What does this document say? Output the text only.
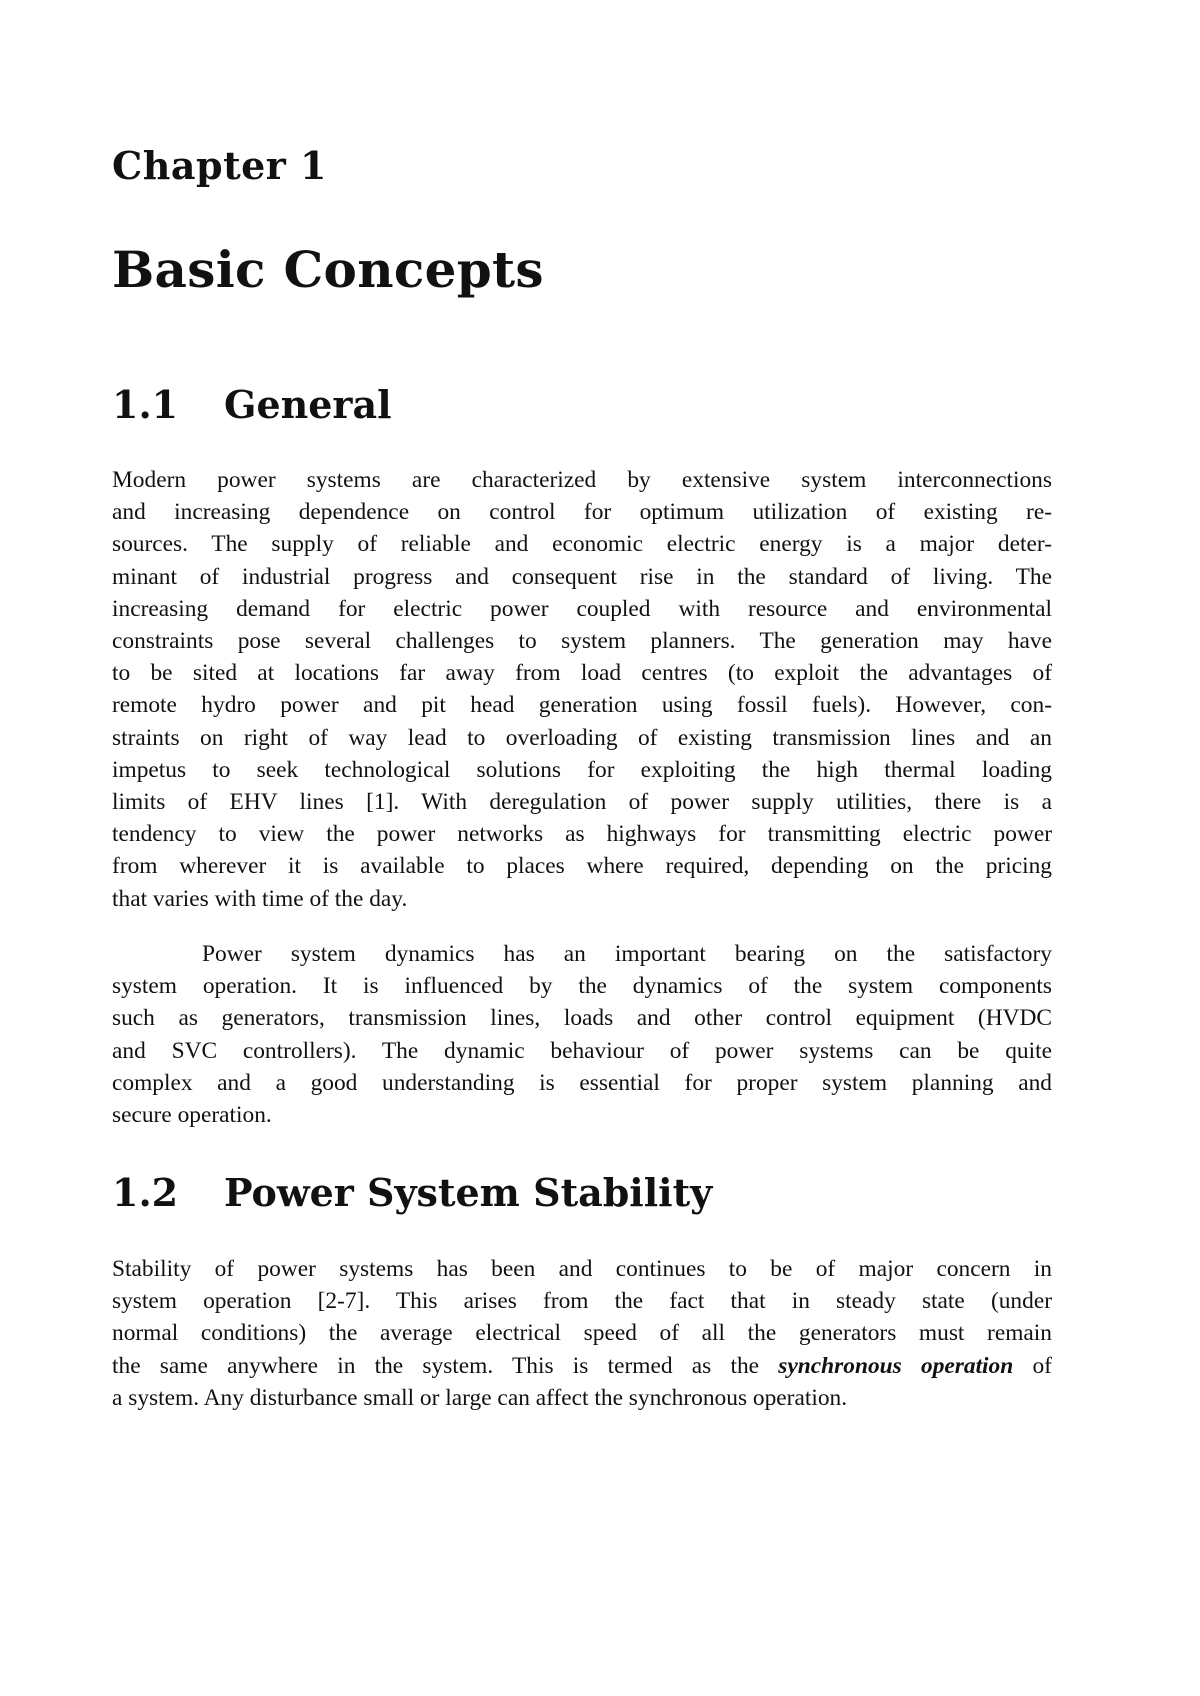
Chapter 1
Basic Concepts
1.1 General
Modern power systems are characterized by extensive system interconnections
and increasing dependence on control for optimum utilization of existing re-
sources. The supply of reliable and economic electric energy is a major deter-
minant of industrial progress and consequent rise in the standard of living. The
increasing demand for electric power coupled with resource and environmental
constraints pose several challenges to system planners. The generation may have
to be sited at locations far away from load centres (to exploit the advantages of
remote hydro power and pit head generation using fossil fuels). However, con-
straints on right of way lead to overloading of existing transmission lines and an
impetus to seek technological solutions for exploiting the high thermal loading
limits of EHV lines [1]. With deregulation of power supply utilities, there is a
tendency to view the power networks as highways for transmitting electric power
from wherever it is available to places where required, depending on the pricing
that varies with time of the day.
Power system dynamics has an important bearing on the satisfactory
system operation. It is influenced by the dynamics of the system components
such as generators, transmission lines, loads and other control equipment (HVDC
and SVC controllers). The dynamic behaviour of power systems can be quite
complex and a good understanding is essential for proper system planning and
secure operation.
1.2 Power System Stability
Stability of power systems has been and continues to be of major concern in
system operation [2-7]. This arises from the fact that in steady state (under
normal conditions) the average electrical speed of all the generators must remain
the same anywhere in the system. This is termed as the synchronous operation of
a system. Any disturbance small or large can affect the synchronous operation.
